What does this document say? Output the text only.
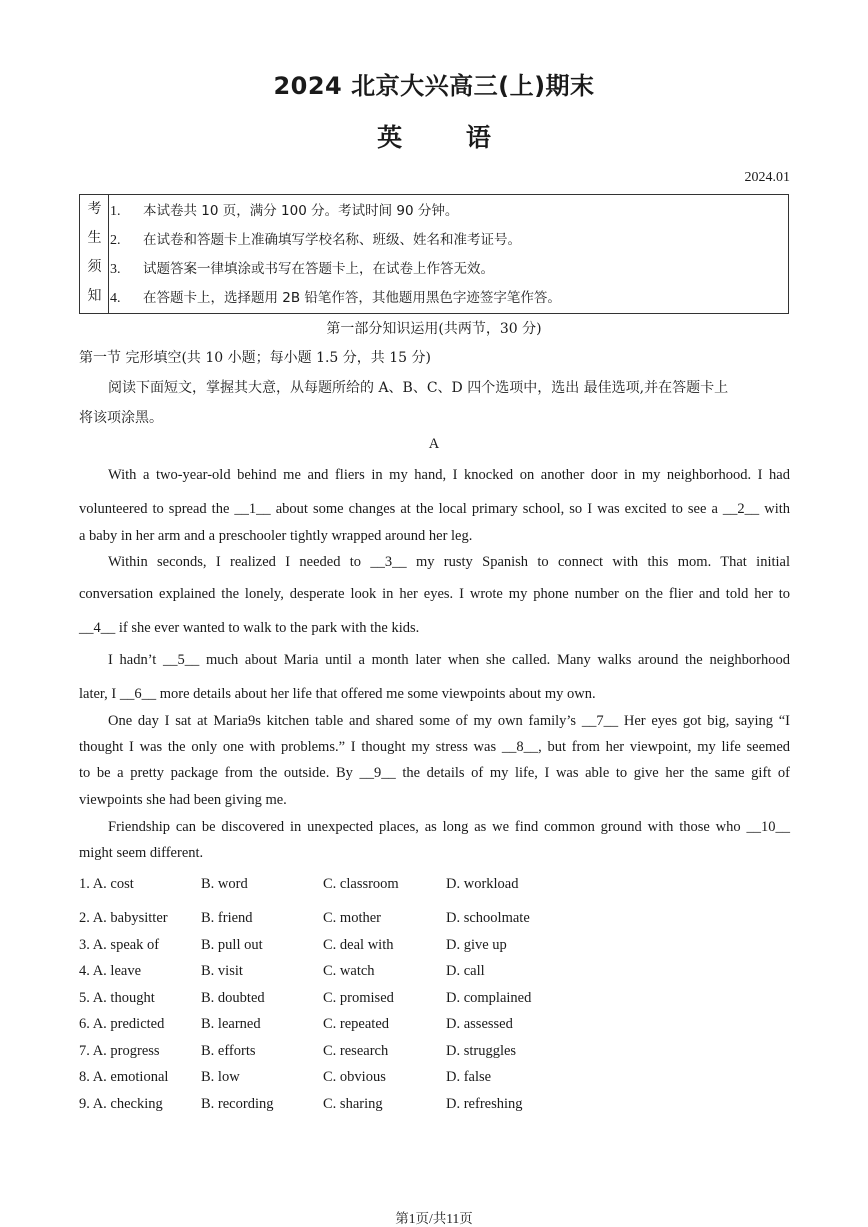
2024 北京大兴高三(上)期末
英 语
2024.01
考
生
须
知
1. 本试卷共 10 页，满分 100 分。考试时间 90 分钟。
2. 在试卷和答题卡上准确填写学校名称、班级、姓名和准考证号。
3. 试题答案一律填涂或书写在答题卡上，在试卷上作答无效。
4. 在答题卡上，选择题用 2B 铅笔作答，其他题用黑色字迹签字笔作答。
第一部分知识运用(共两节，30 分)
第一节 完形填空(共 10 小题；每小题 1.5 分，共 15 分)
阅读下面短文，掌握其大意，从每题所给的 A、B、C、D 四个选项中，选出 最佳选项,并在答题卡上
将该项涂黑。
A
With a two-year-old behind me and fliers in my hand, I knocked on another door in my neighborhood. I had
volunteered to spread the __1__ about some changes at the local primary school, so I was excited to see a __2__ with
a baby in her arm and a preschooler tightly wrapped around her leg.
Within seconds, I realized I needed to __3__ my rusty Spanish to connect with this mom. That initial
conversation explained the lonely, desperate look in her eyes. I wrote my phone number on the flier and told her to
__4__ if she ever wanted to walk to the park with the kids.
I hadn’t __5__ much about Maria until a month later when she called. Many walks around the neighborhood
later, I __6__ more details about her life that offered me some viewpoints about my own.
One day I sat at Maria9s kitchen table and shared some of my own family’s __7__ Her eyes got big, saying “I
thought I was the only one with problems.” I thought my stress was __8__, but from her viewpoint, my life seemed
to be a pretty package from the outside. By __9__ the details of my life, I was able to give her the same gift of
viewpoints she had been giving me.
Friendship can be discovered in unexpected places, as long as we find common ground with those who __10__
might seem different.
1. A. cost	B. word	C. classroom	D. workload
2. A. babysitter B. friend	C. mother	D. schoolmate
3. A. speak of	B. pull out	C. deal with	D. give up
4. A. leave	B. visit	C. watch	D. call
5. A. thought	B. doubted	C. promised	D. complained
6. A. predicted	B. learned	C. repeated	D. assessed
7. A. progress	B. efforts	C. research	D. struggles
8. A. emotional B. low	C. obvious	D. false
9. A. checking	B. recording	C. sharing	D. refreshing
第1页/共11页
